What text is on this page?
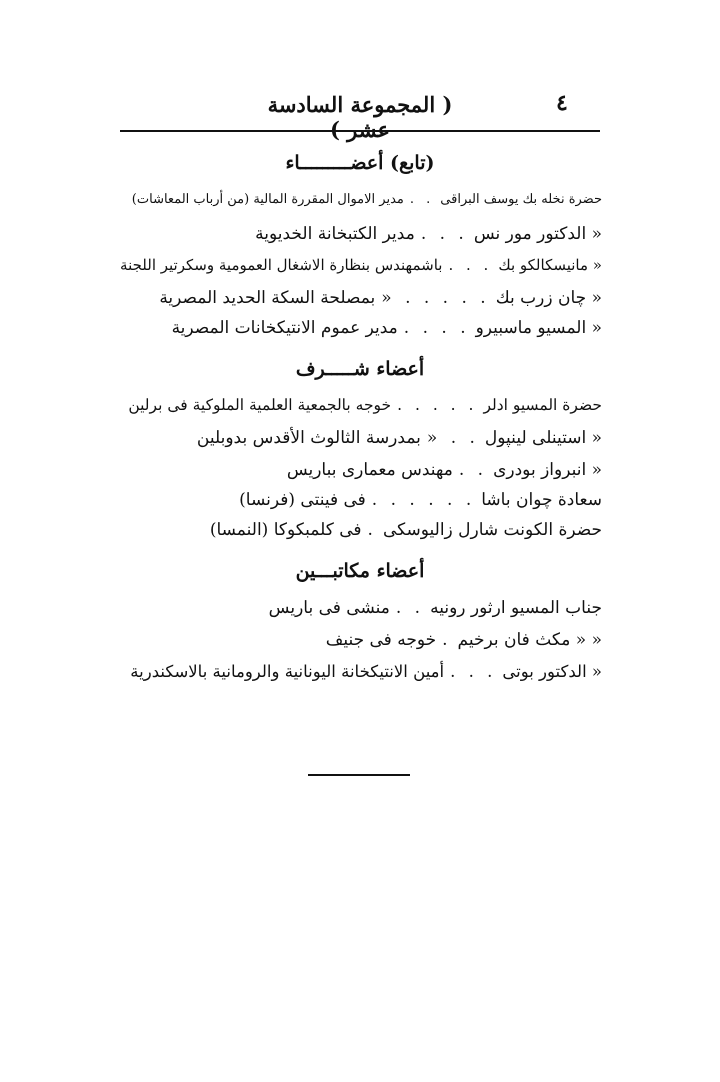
( المجموعة السادسة عشر )
٤
(تابع) أعضـــــــــاء
حضرة نخله بك يوسف البراقى. .مدير الاموال المقررة المالية (من أرباب المعاشات)
« الدكتور مور نس. . .مدير الكتبخانة الخديوية
« مانيسكالكو بك. . .باشمهندس بنظارة الاشغال العمومية وسكرتير اللجنة
« چان زرب بك. . . . . «بمصلحة السكة الحديد المصرية
« المسيو ماسبيرو. . . .مدير عموم الانتيكخانات المصرية
أعضاء شـــــرف
حضرة المسيو ادلر. . . . .خوجه بالجمعية العلمية الملوكية فى برلين
« استينلى لينپول. . «بمدرسة الثالوث الأقدس بدوبلين
« انبرواز بودرى. .مهندس معمارى بباريس
سعادة چوان باشا. . . . . .فى فينتى (فرنسا)
حضرة الكونت شارل زاليوسكى.فى كلمبكوكا (النمسا)
أعضاء مكاتبـــين
جناب المسيو ارثور رونيه. .منشى فى باريس
« « مكث فان برخيم.خوجه فى جنيف
« الدكتور بوتى. . .أمين الانتيكخانة اليونانية والرومانية بالاسكندرية
